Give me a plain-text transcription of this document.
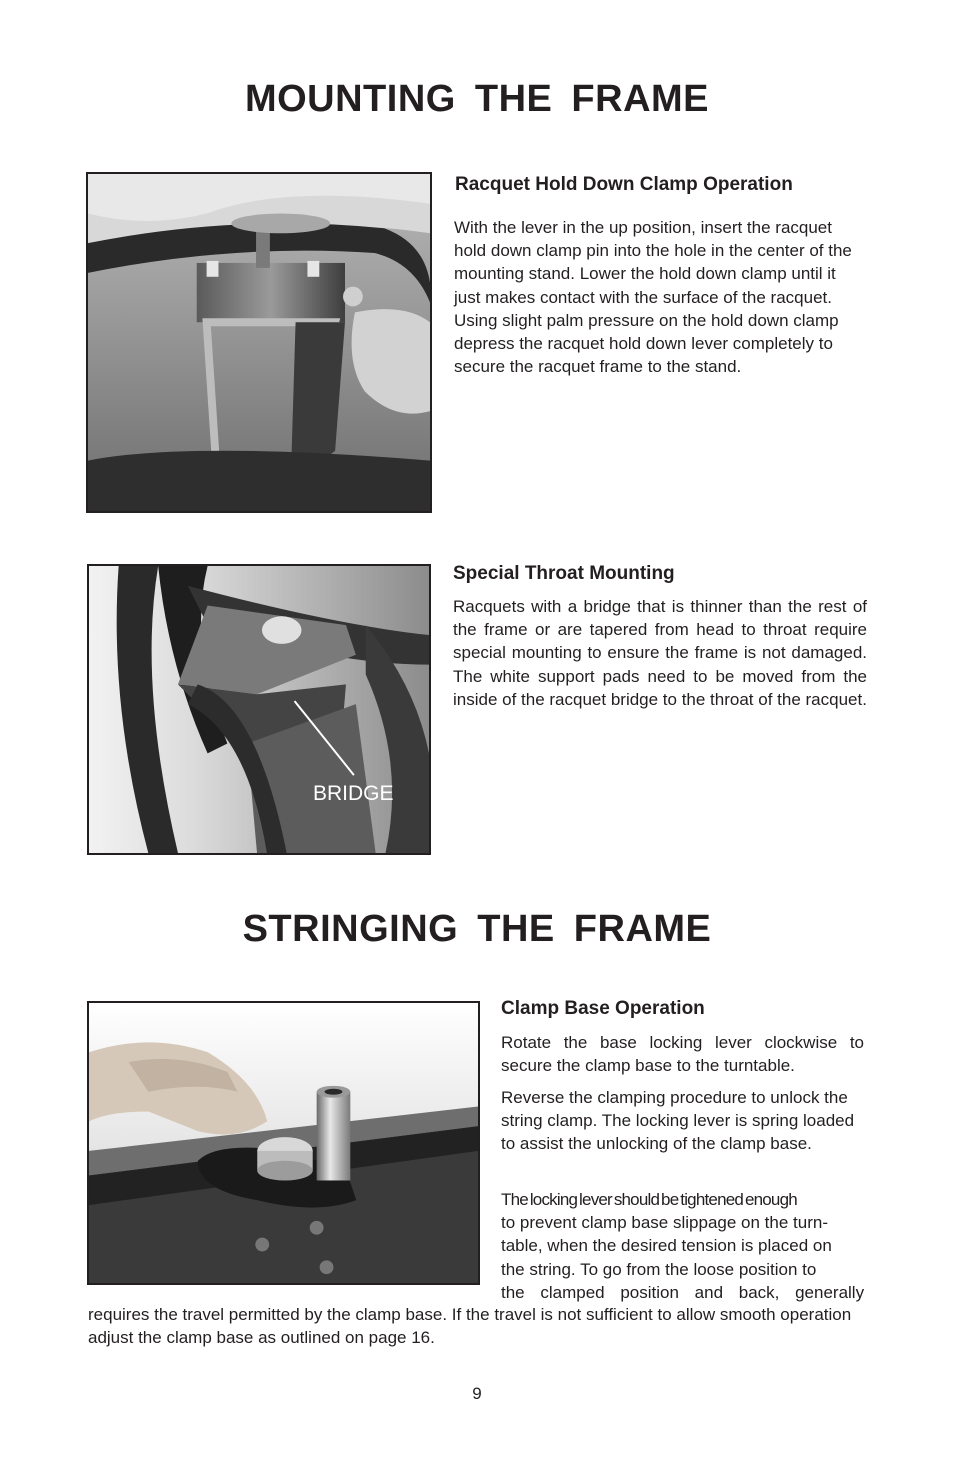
MOUNTING THE FRAME
Racquet Hold Down Clamp Operation

With the lever in the up position, insert the racquet hold down clamp pin into the hole in the center of the mounting stand. Lower the hold down clamp until it just makes contact with the surface of the racquet. Using slight palm pressure on the hold down clamp depress the racquet hold down lever completely to secure the racquet frame to the stand.

BRIDGE
Special Throat Mounting

Racquets with a bridge that is thinner than the rest of the frame or are tapered from head to throat require special mounting to ensure the frame is not damaged. The white support pads need to be moved from the inside of the racquet bridge to the throat of the racquet.

STRINGING THE FRAME
Clamp Base Operation

Rotate the base locking lever clockwise to secure the clamp base to the turntable.

Reverse the clamping procedure to unlock the string clamp. The locking lever is spring loaded to assist the unlocking of the clamp base.

The locking lever should be tightened enough
to prevent clamp base slippage on the turn-
table, when the desired tension is placed on
the string. To go from the loose position to
the clamped position and back, generally

requires the travel permitted by the clamp base. If the travel is not sufficient to allow smooth operation adjust the clamp base as outlined on page 16.

9
